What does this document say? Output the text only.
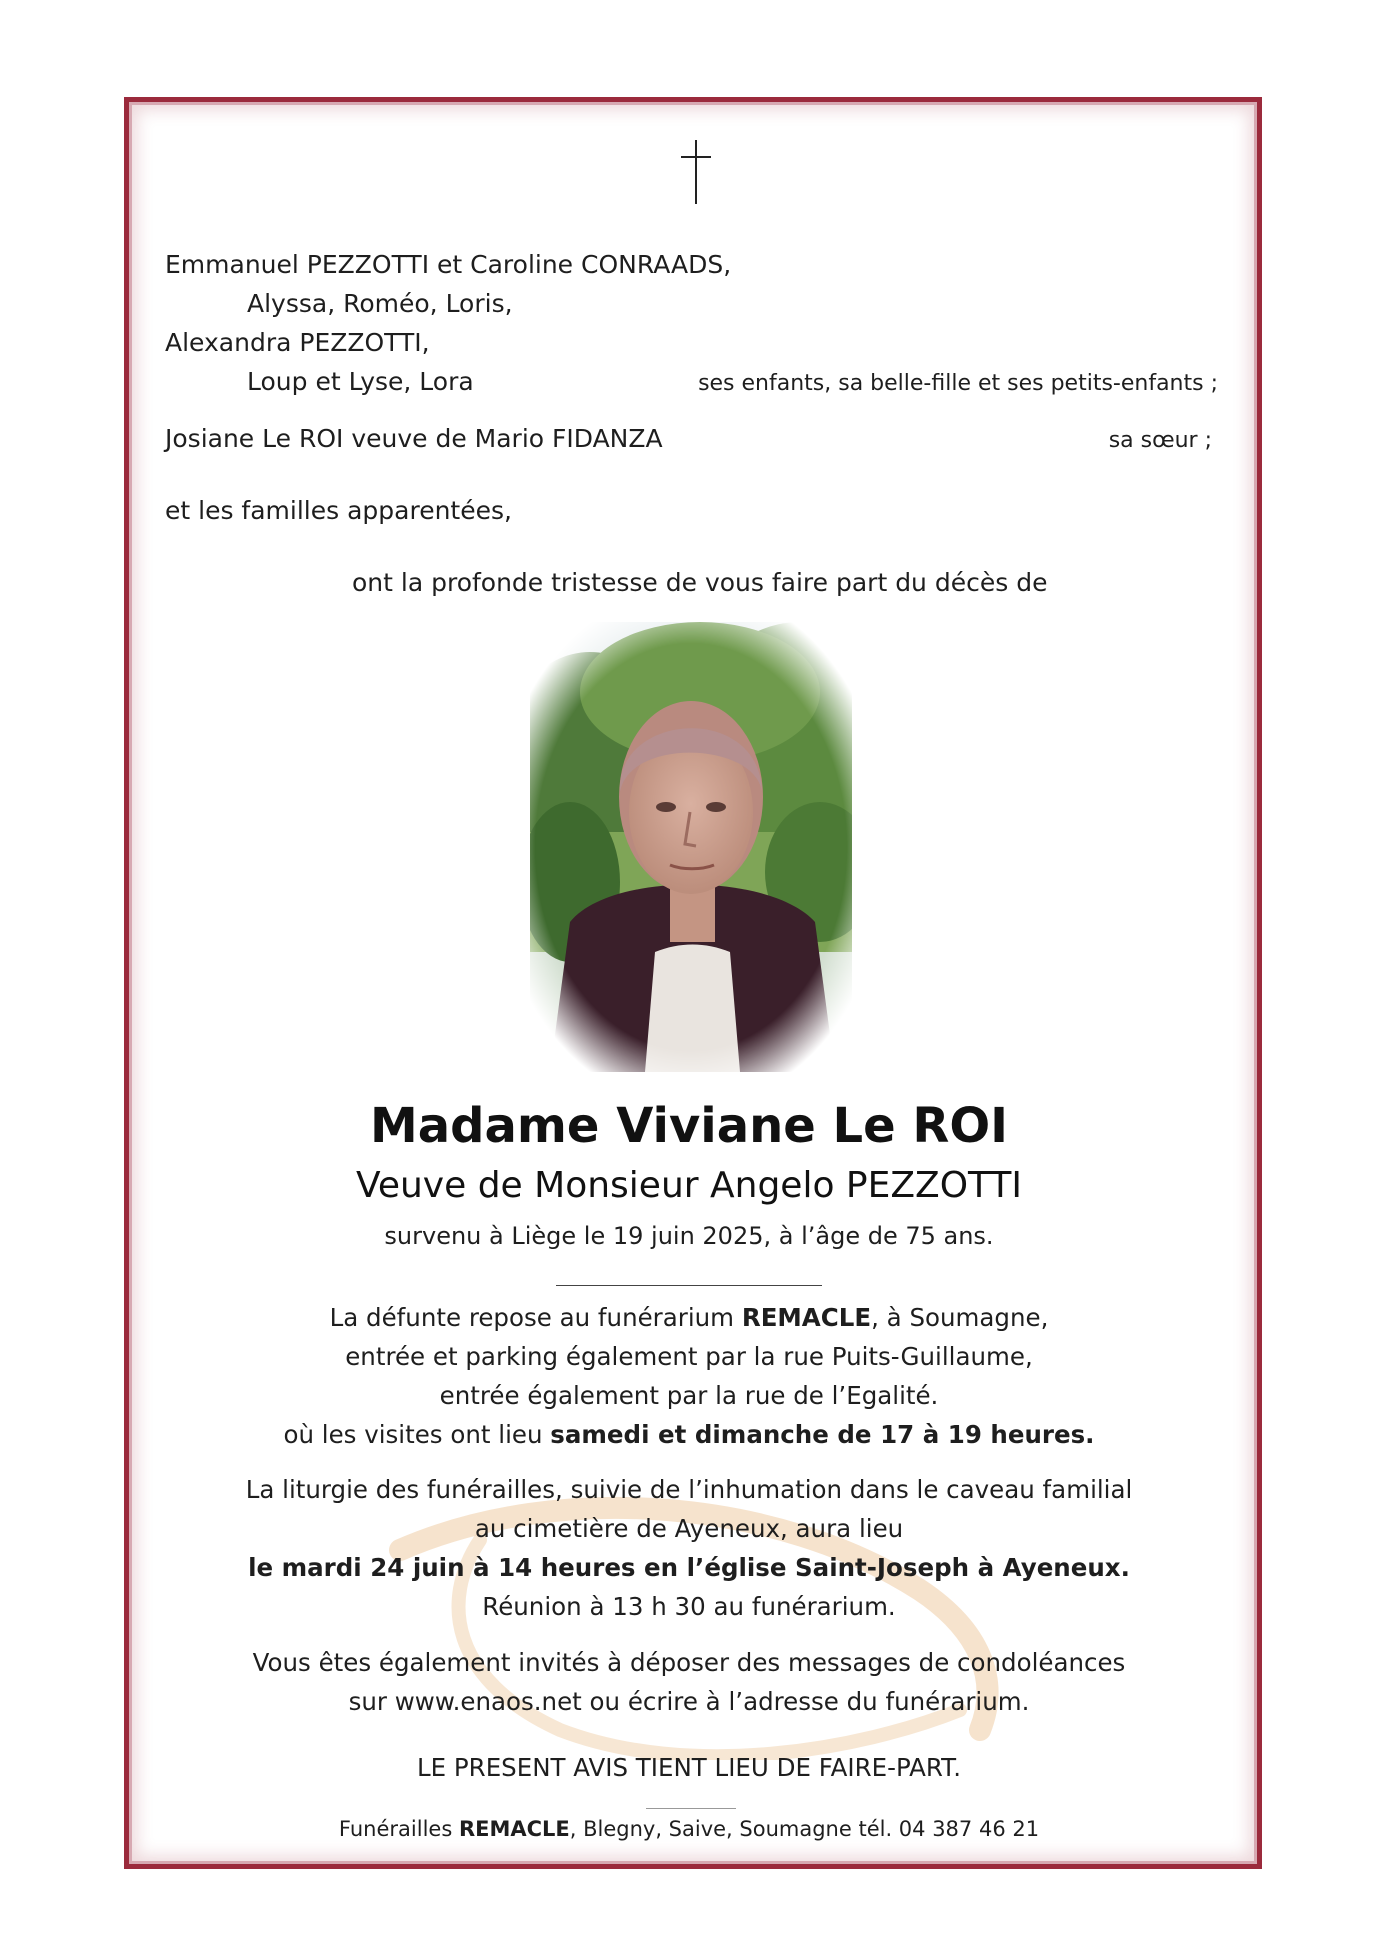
Emmanuel PEZZOTTI et Caroline CONRAADS,
Alyssa, Roméo, Loris,
Alexandra PEZZOTTI,
Loup et Lyse, Lora	ses enfants, sa belle-fille et ses petits-enfants ;
Josiane Le ROI veuve de Mario FIDANZA	sa sœur ;
et les familles apparentées,
ont la profonde tristesse de vous faire part du décès de
Madame Viviane Le ROI
Veuve de Monsieur Angelo PEZZOTTI
survenu à Liège le 19 juin 2025, à l’âge de 75 ans.
La défunte repose au funérarium REMACLE, à Soumagne,
entrée et parking également par la rue Puits-Guillaume,
entrée également par la rue de l’Egalité.
où les visites ont lieu samedi et dimanche de 17 à 19 heures.
La liturgie des funérailles, suivie de l’inhumation dans le caveau familial
au cimetière de Ayeneux, aura lieu
le mardi 24 juin à 14 heures en l’église Saint-Joseph à Ayeneux.
Réunion à 13 h 30 au funérarium.
Vous êtes également invités à déposer des messages de condoléances
sur www.enaos.net ou écrire à l’adresse du funérarium.
LE PRESENT AVIS TIENT LIEU DE FAIRE-PART.
Funérailles REMACLE, Blegny, Saive, Soumagne tél. 04 387 46 21
